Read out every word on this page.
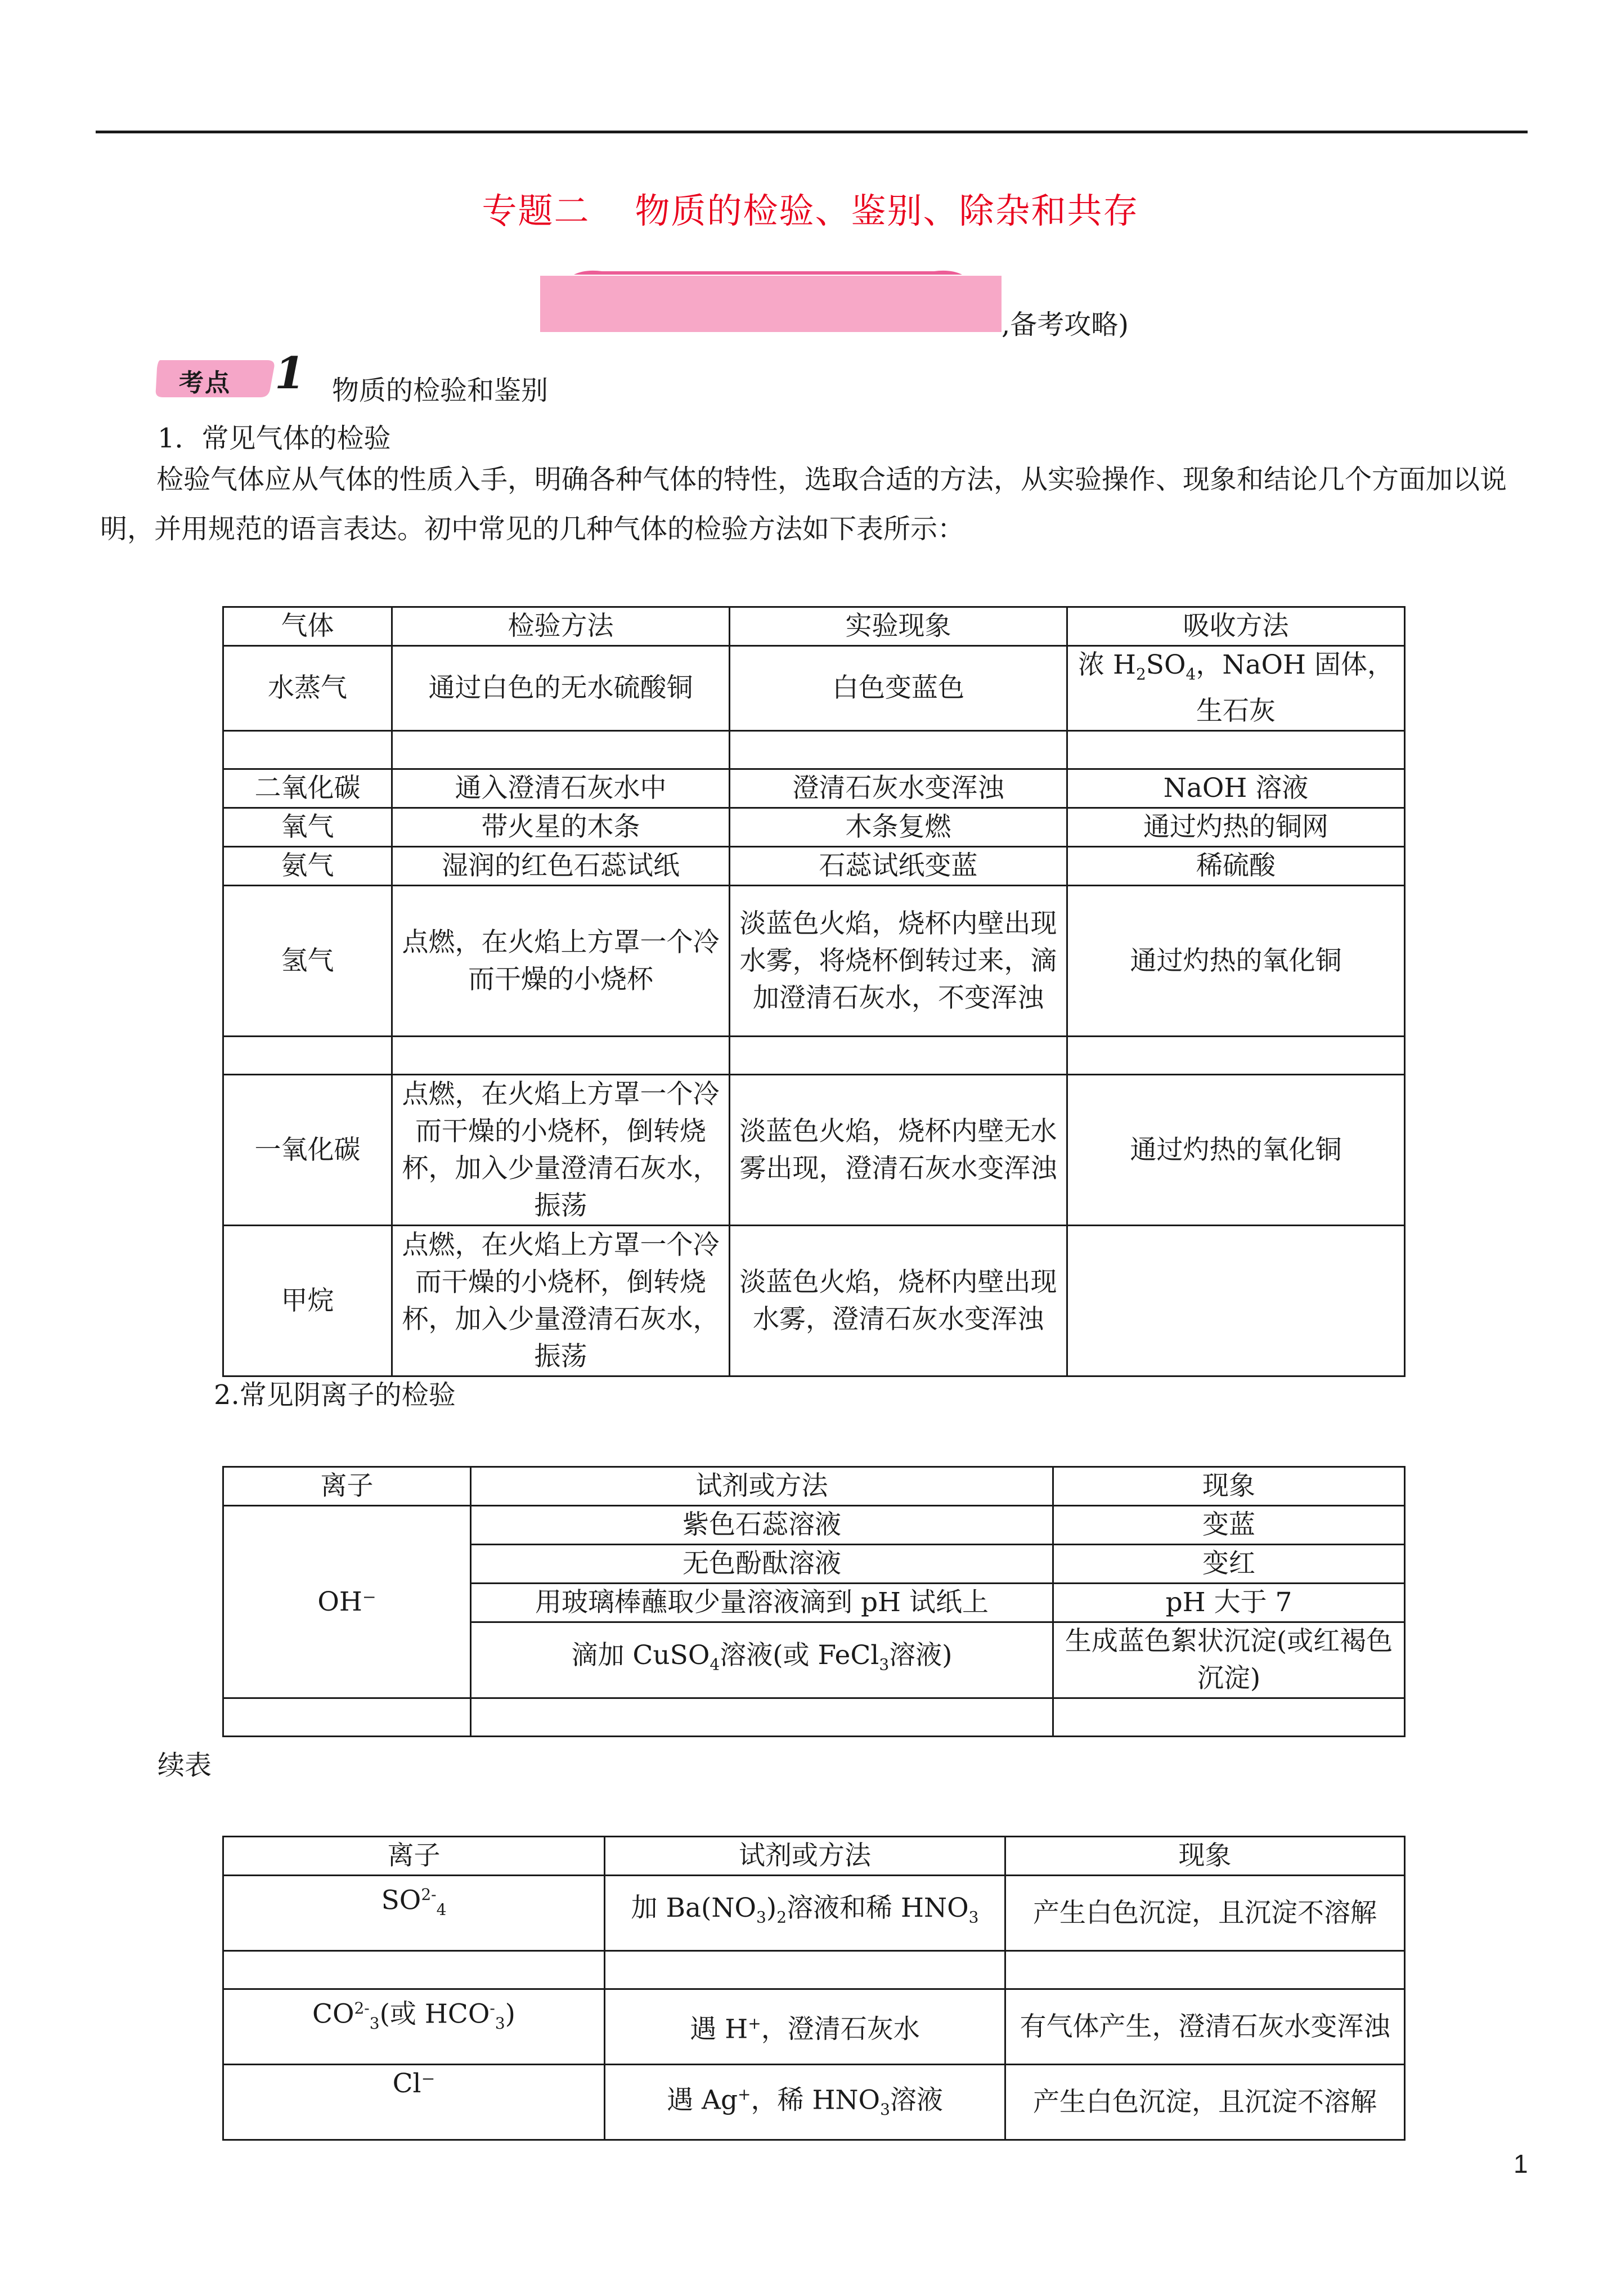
专题二 物质的检验、鉴别、除杂和共存
,备考攻略)
考点 1 物质的检验和鉴别
1．常见气体的检验
检验气体应从气体的性质入手，明确各种气体的特性，选取合适的方法，从实验操作、现象和结论几个方面加以说明，并用规范的语言表达。初中常见的几种气体的检验方法如下表所示：
气体	检验方法	实验现象	吸收方法
水蒸气	通过白色的无水硫酸铜	白色变蓝色	浓 $H_2SO_4$，NaOH 固体，生石灰

二氧化碳	通入澄清石灰水中	澄清石灰水变浑浊	NaOH 溶液
氧气	带火星的木条	木条复燃	通过灼热的铜网
氨气	湿润的红色石蕊试纸	石蕊试纸变蓝	稀硫酸
氢气	点燃，在火焰上方罩一个冷而干燥的小烧杯	淡蓝色火焰，烧杯内壁出现水雾，将烧杯倒转过来，滴加澄清石灰水，不变浑浊	通过灼热的氧化铜

一氧化碳	点燃，在火焰上方罩一个冷而干燥的小烧杯，倒转烧杯，加入少量澄清石灰水，振荡	淡蓝色火焰，烧杯内壁无水雾出现，澄清石灰水变浑浊	通过灼热的氧化铜
甲烷	点燃，在火焰上方罩一个冷而干燥的小烧杯，倒转烧杯，加入少量澄清石灰水，振荡	淡蓝色火焰，烧杯内壁出现水雾，澄清石灰水变浑浊	
2.常见阴离子的检验
离子	试剂或方法	现象
OH⁻	紫色石蕊溶液	变蓝
	无色酚酞溶液	变红
	用玻璃棒蘸取少量溶液滴到 pH 试纸上	pH 大于 7
	滴加 CuSO$_4$溶液(或 FeCl$_3$溶液)	生成蓝色絮状沉淀(或红褐色沉淀)

续表
离子	试剂或方法	现象
$SO^{2-}_4$	加 $Ba(NO_3)_2$溶液和稀 $HNO_3$	产生白色沉淀，且沉淀不溶解

$CO^{2-}_3$(或 $HCO^-_3$)	遇 H+，澄清石灰水	有气体产生，澄清石灰水变浑浊
Cl⁻	遇 Ag+，稀 $HNO_3$溶液	产生白色沉淀，且沉淀不溶解
1
